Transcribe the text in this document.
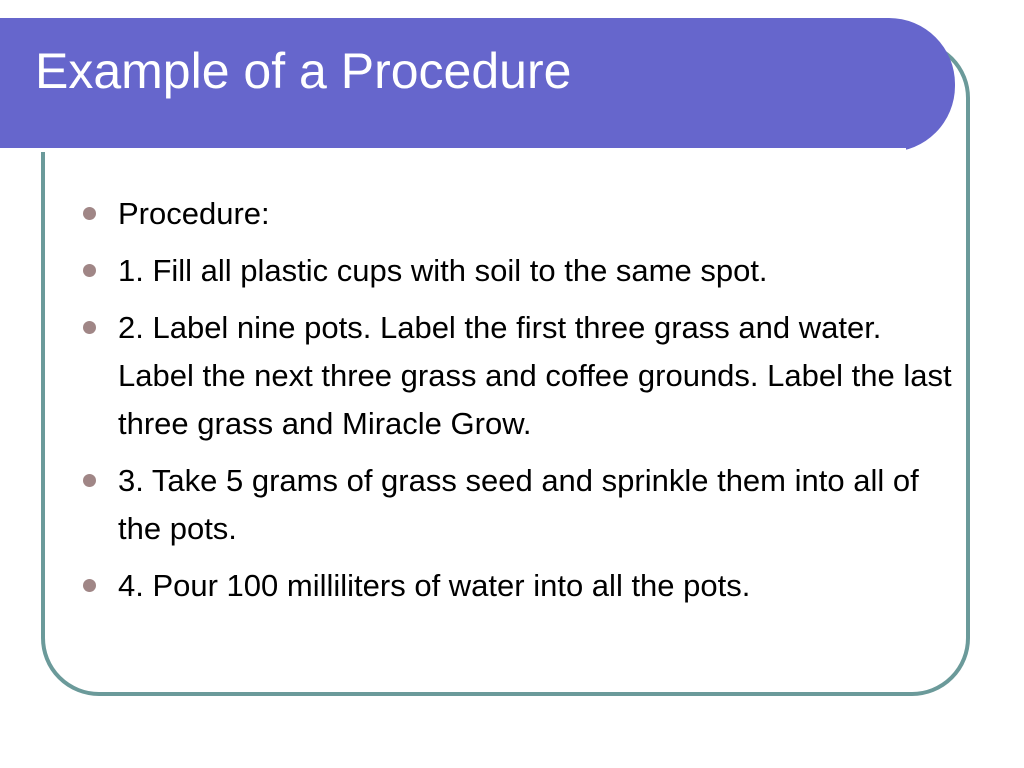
Example of a Procedure
Procedure:
1. Fill all plastic cups with soil to the same spot.
2. Label nine pots. Label the first three grass and water. Label the next three grass and coffee grounds. Label the last three grass and Miracle Grow.
3. Take 5 grams of grass seed and sprinkle them into all of the pots.
4. Pour 100 milliliters of water into all the pots.
